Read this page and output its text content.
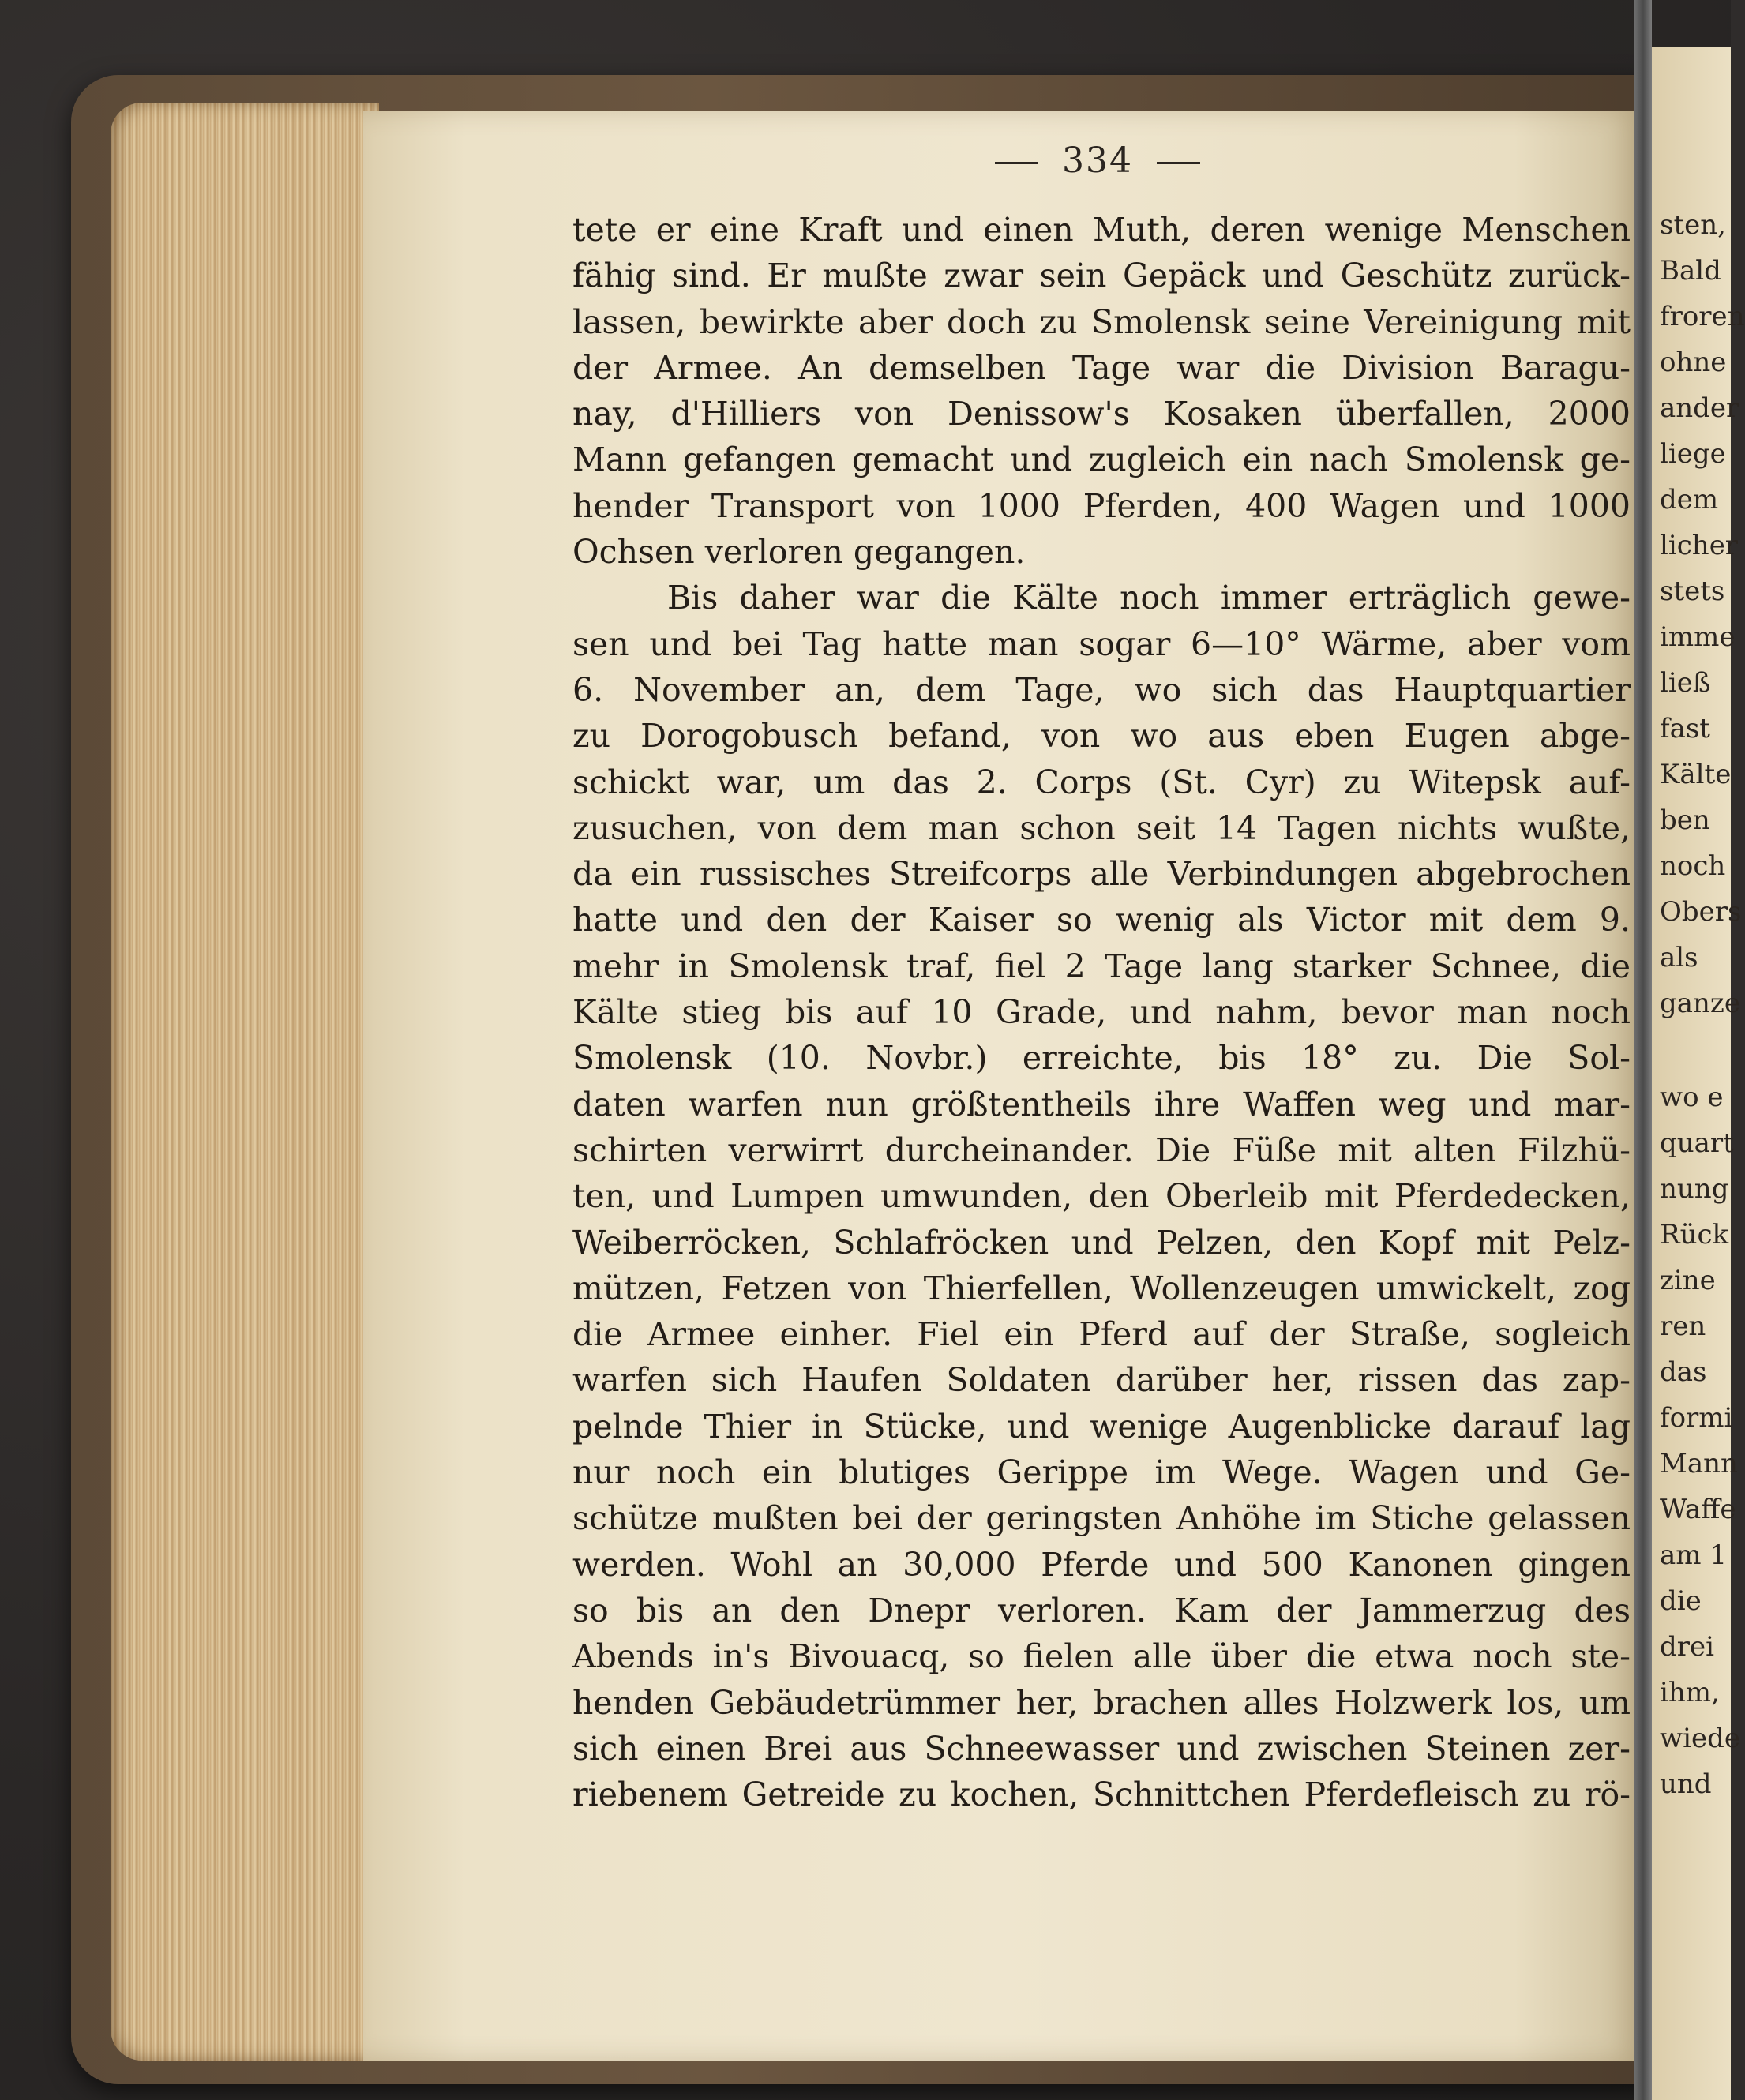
334
tete er eine Kraft und einen Muth, deren wenige Menschen
fähig sind. Er mußte zwar sein Gepäck und Geschütz zurück-
lassen, bewirkte aber doch zu Smolensk seine Vereinigung mit
der Armee. An demselben Tage war die Division Baragu-
nay, d'Hilliers von Denissow's Kosaken überfallen, 2000
Mann gefangen gemacht und zugleich ein nach Smolensk ge-
hender Transport von 1000 Pferden, 400 Wagen und 1000
Ochsen verloren gegangen.
Bis daher war die Kälte noch immer erträglich gewe-
sen und bei Tag hatte man sogar 6—10° Wärme, aber vom
6. November an, dem Tage, wo sich das Hauptquartier
zu Dorogobusch befand, von wo aus eben Eugen abge-
schickt war, um das 2. Corps (St. Cyr) zu Witepsk auf-
zusuchen, von dem man schon seit 14 Tagen nichts wußte,
da ein russisches Streifcorps alle Verbindungen abgebrochen
hatte und den der Kaiser so wenig als Victor mit dem 9.
mehr in Smolensk traf, fiel 2 Tage lang starker Schnee, die
Kälte stieg bis auf 10 Grade, und nahm, bevor man noch
Smolensk (10. Novbr.) erreichte, bis 18° zu. Die Sol-
daten warfen nun größtentheils ihre Waffen weg und mar-
schirten verwirrt durcheinander. Die Füße mit alten Filzhü-
ten, und Lumpen umwunden, den Oberleib mit Pferdedecken,
Weiberröcken, Schlafröcken und Pelzen, den Kopf mit Pelz-
mützen, Fetzen von Thierfellen, Wollenzeugen umwickelt, zog
die Armee einher. Fiel ein Pferd auf der Straße, sogleich
warfen sich Haufen Soldaten darüber her, rissen das zap-
pelnde Thier in Stücke, und wenige Augenblicke darauf lag
nur noch ein blutiges Gerippe im Wege. Wagen und Ge-
schütze mußten bei der geringsten Anhöhe im Stiche gelassen
werden. Wohl an 30,000 Pferde und 500 Kanonen gingen
so bis an den Dnepr verloren. Kam der Jammerzug des
Abends in's Bivouacq, so fielen alle über die etwa noch ste-
henden Gebäudetrümmer her, brachen alles Holzwerk los, um
sich einen Brei aus Schneewasser und zwischen Steinen zer-
riebenem Getreide zu kochen, Schnittchen Pferdefleisch zu rö-
sten,
Bald
froren
ohne
ander
liege
dem
licher
stets
imme
ließ
fast
Kälte
ben
noch
Obers
als
ganze
wo e
quart
nung
Rück
zine
ren
das
formi
Mann
Waffe
am 1
die
drei
ihm,
wiede
und
